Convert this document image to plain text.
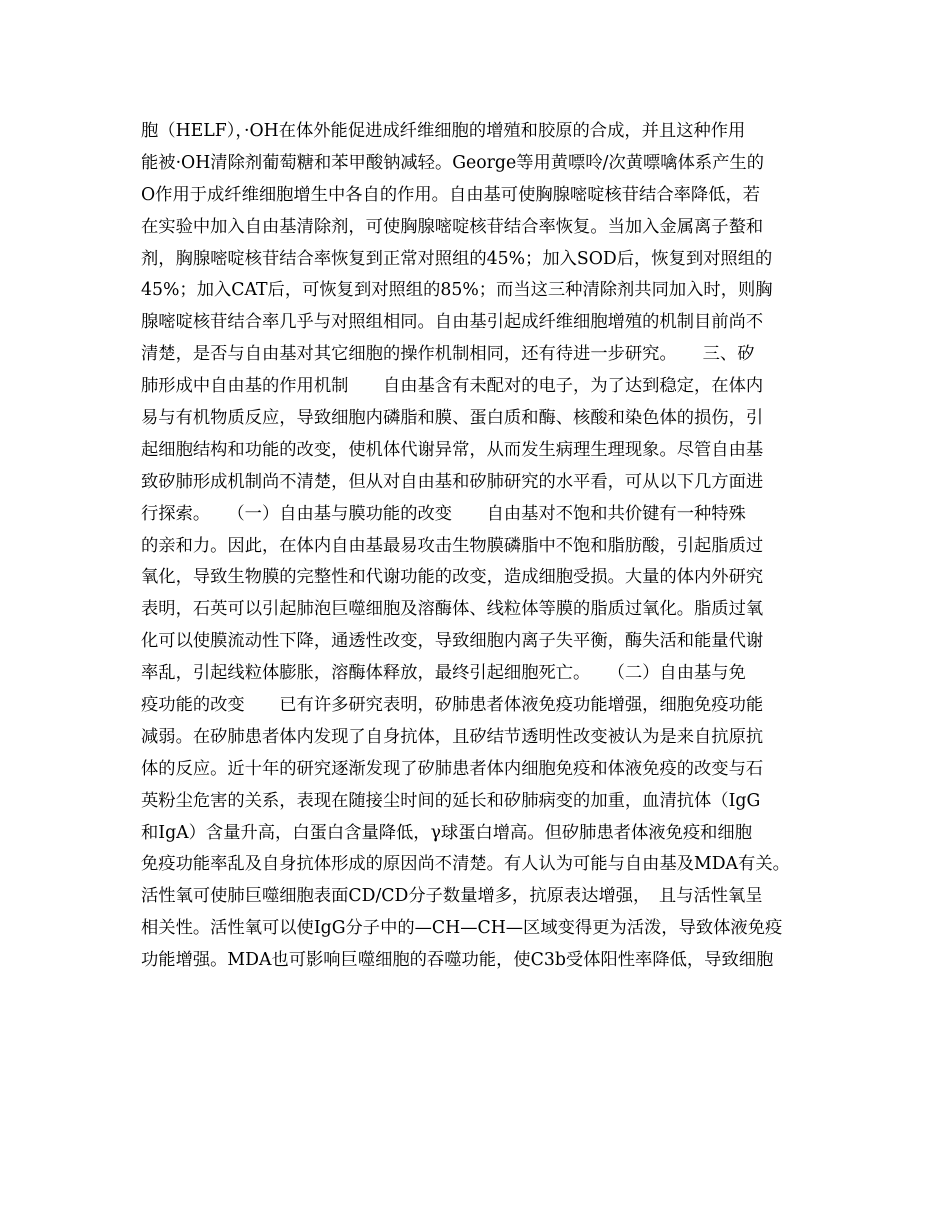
胞（HELF），·OH在体外能促进成纤维细胞的增殖和胶原的合成，并且这种作用
能被·OH清除剂葡萄糖和苯甲酸钠减轻。George等用黄嘌呤/次黄嘌噙体系产生的
O作用于成纤维细胞增生中各自的作用。自由基可使胸腺嘧啶核苷结合率降低，若
在实验中加入自由基清除剂，可使胸腺嘧啶核苷结合率恢复。当加入金属离子螯和
剂，胸腺嘧啶核苷结合率恢复到正常对照组的45%；加入SOD后，恢复到对照组的
45%；加入CAT后，可恢复到对照组的85%；而当这三种清除剂共同加入时，则胸
腺嘧啶核苷结合率几乎与对照组相同。自由基引起成纤维细胞增殖的机制目前尚不
清楚，是否与自由基对其它细胞的操作机制相同，还有待进一步研究。　　三、矽
肺形成中自由基的作用机制　　自由基含有未配对的电子，为了达到稳定，在体内
易与有机物质反应，导致细胞内磷脂和膜、蛋白质和酶、核酸和染色体的损伤，引
起细胞结构和功能的改变，使机体代谢异常，从而发生病理生理现象。尽管自由基
致矽肺形成机制尚不清楚，但从对自由基和矽肺研究的水平看，可从以下几方面进
行探索。　　（一）自由基与膜功能的改变　　自由基对不饱和共价键有一种特殊
的亲和力。因此，在体内自由基最易攻击生物膜磷脂中不饱和脂肪酸，引起脂质过
氧化，导致生物膜的完整性和代谢功能的改变，造成细胞受损。大量的体内外研究
表明，石英可以引起肺泡巨噬细胞及溶酶体、线粒体等膜的脂质过氧化。脂质过氧
化可以使膜流动性下降，通透性改变，导致细胞内离子失平衡，酶失活和能量代谢
率乱，引起线粒体膨胀，溶酶体释放，最终引起细胞死亡。　　（二）自由基与免
疫功能的改变　　已有许多研究表明，矽肺患者体液免疫功能增强，细胞免疫功能
减弱。在矽肺患者体内发现了自身抗体，且矽结节透明性改变被认为是来自抗原抗
体的反应。近十年的研究逐渐发现了矽肺患者体内细胞免疫和体液免疫的改变与石
英粉尘危害的关系，表现在随接尘时间的延长和矽肺病变的加重，血清抗体（IgG
和IgA）含量升高，白蛋白含量降低，γ球蛋白增高。但矽肺患者体液免疫和细胞
免疫功能率乱及自身抗体形成的原因尚不清楚。有人认为可能与自由基及MDA有关。
活性氧可使肺巨噬细胞表面CD/CD分子数量增多，抗原表达增强，　且与活性氧呈
相关性。活性氧可以使IgG分子中的—CH—CH—区域变得更为活泼，导致体液免疫
功能增强。MDA也可影响巨噬细胞的吞噬功能，使C3b受体阳性率降低，导致细胞
